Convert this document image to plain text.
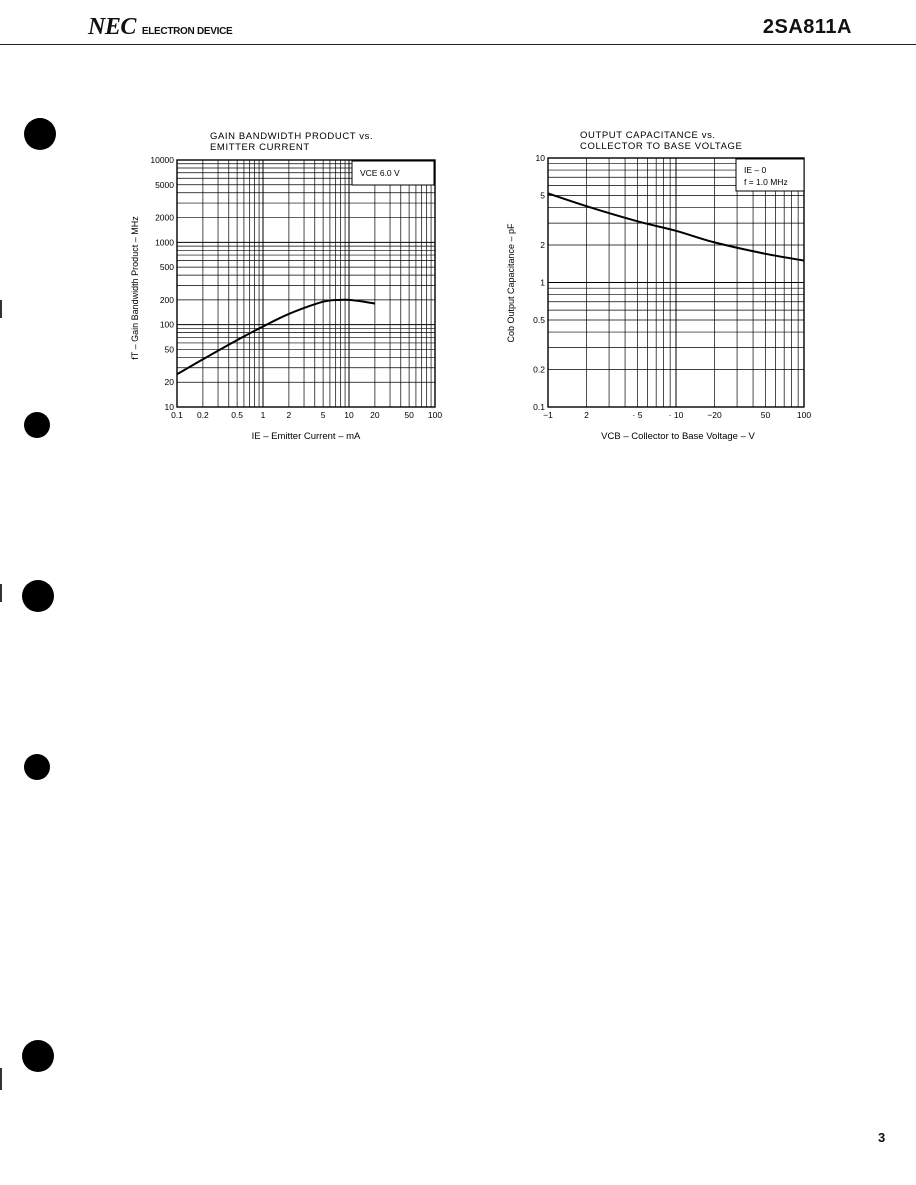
NEC ELECTRON DEVICE	2SA811A
GAIN BANDWIDTH PRODUCT vs.
EMITTER CURRENT
0.1 0.2	0.5 1 2	5 10 20	50 100
10
20
50
100
200
500
1000
2000
5000
10000
VCE 6.0 V
IE – Emitter Current – mA
fT – Gain Bandwidth Product – MHz
OUTPUT CAPACITANCE vs.
COLLECTOR TO BASE VOLTAGE
−1	2	· 5	· 10	−20	50	100
0.1
0.2
0.5
1
2
5
10
IE – 0
f = 1.0 MHz
VCB – Collector to Base Voltage – V
Cob Output Capacitance – pF
3
